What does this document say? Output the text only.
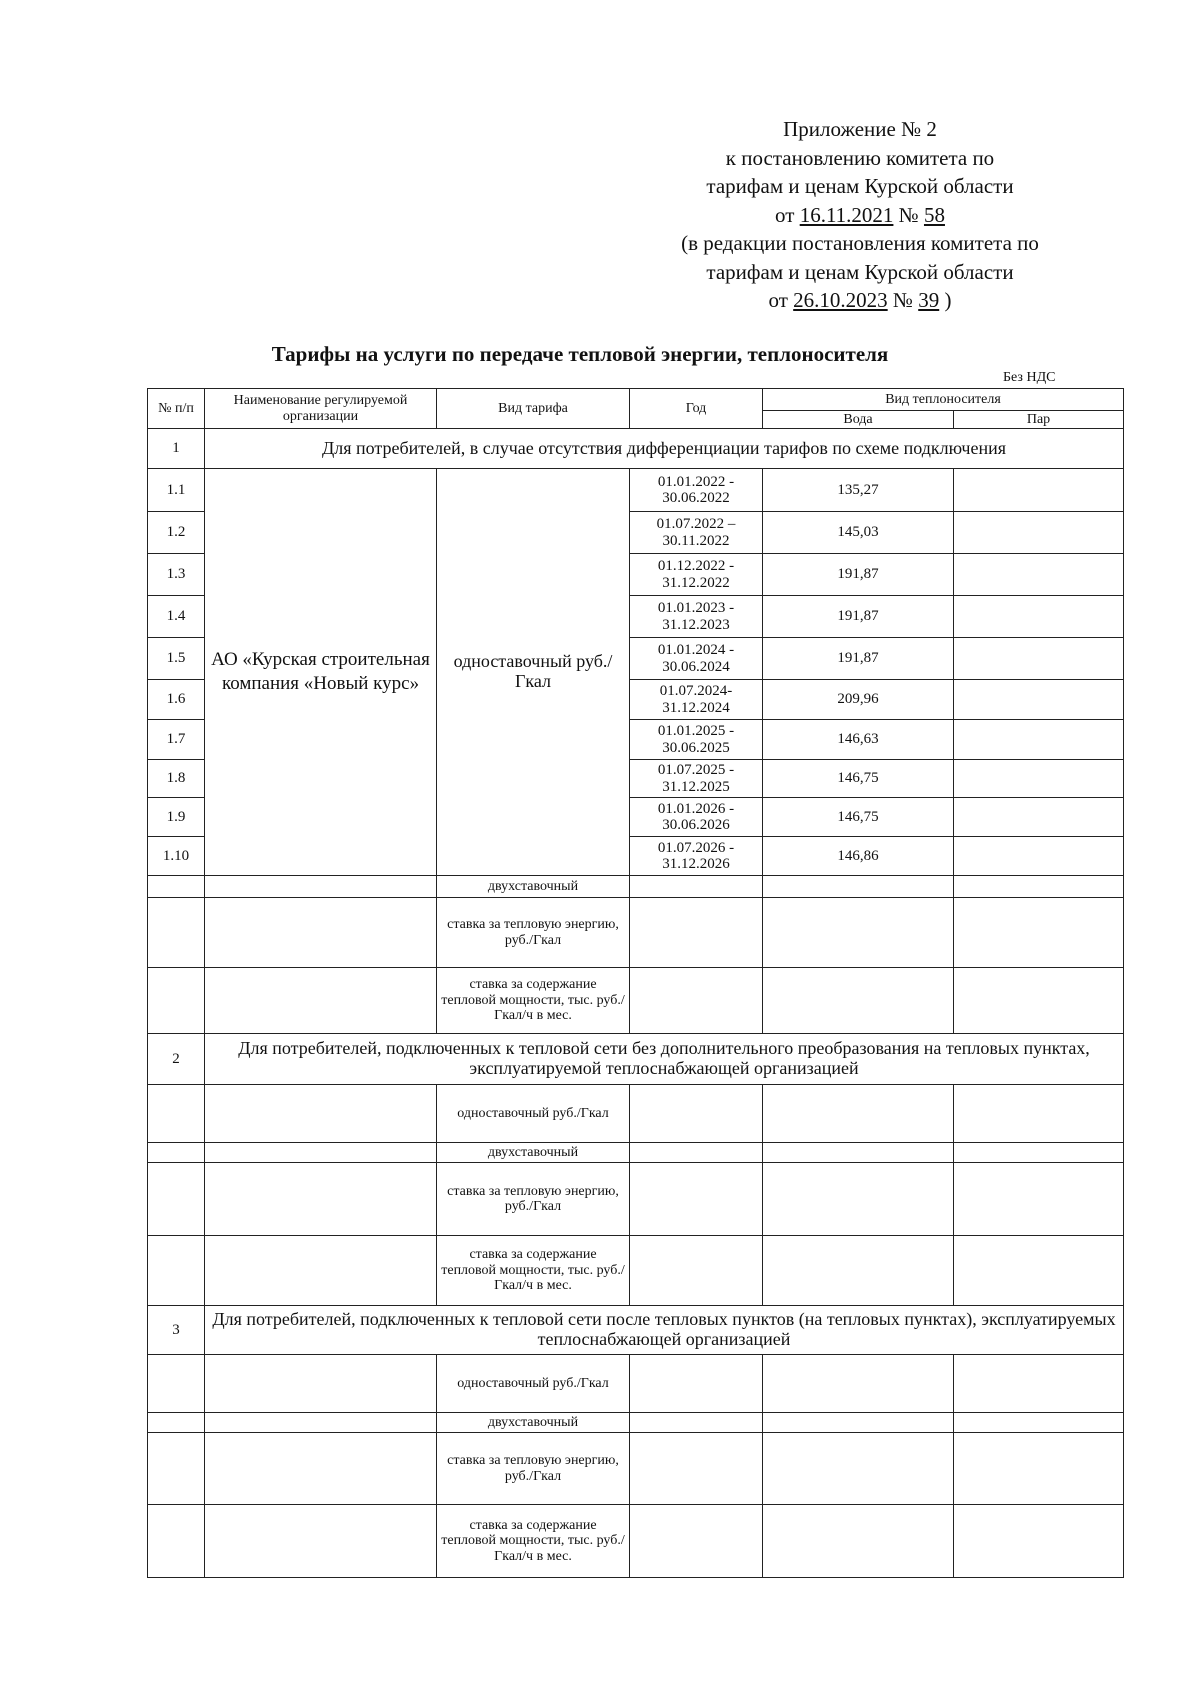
Приложение № 2
к постановлению комитета по
тарифам и ценам Курской области
от 16.11.2021 № 58
(в редакции постановления комитета по
тарифам и ценам Курской области
от 26.10.2023 № 39 )
Тарифы на услуги по передаче тепловой энергии, теплоносителя
Без НДС
№ п/п	Наименование регулируемой организации	Вид тарифа	Год	Вид теплоносителя	
				Вода	Пар
1	Для потребителей, в случае отсутствия дифференциации тарифов по схеме подключения				
1.1	АО «Курская строительная компания «Новый курс»	одноставочный руб./Гкал	01.01.2022 - 30.06.2022	135,27	
1.2			01.07.2022 – 30.11.2022	145,03	
1.3			01.12.2022 - 31.12.2022	191,87	
1.4			01.01.2023 - 31.12.2023	191,87	
1.5			01.01.2024 - 30.06.2024	191,87	
1.6			01.07.2024- 31.12.2024	209,96	
1.7			01.01.2025 - 30.06.2025	146,63	
1.8			01.07.2025 - 31.12.2025	146,75	
1.9			01.01.2026 - 30.06.2026	146,75	
1.10			01.07.2026 - 31.12.2026	146,86	
		двухставочный			
		ставка за тепловую энергию, руб./Гкал			
		ставка за содержание тепловой мощности, тыс. руб./Гкал/ч в мес.			
2	Для потребителей, подключенных к тепловой сети без дополнительного преобразования на тепловых пунктах, эксплуатируемой теплоснабжающей организацией				
		одноставочный руб./Гкал			
		двухставочный			
		ставка за тепловую энергию, руб./Гкал			
		ставка за содержание тепловой мощности, тыс. руб./Гкал/ч в мес.			
3	Для потребителей, подключенных к тепловой сети после тепловых пунктов (на тепловых пунктах), эксплуатируемых теплоснабжающей организацией				
		одноставочный руб./Гкал			
		двухставочный			
		ставка за тепловую энергию, руб./Гкал			
		ставка за содержание тепловой мощности, тыс. руб./Гкал/ч в мес.			
